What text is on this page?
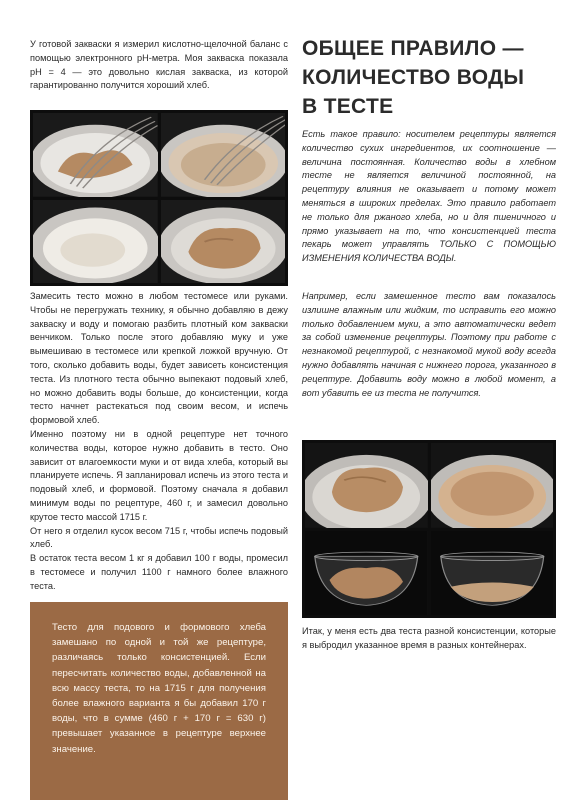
У готовой закваски я измерил кислотно-щелочной баланс с помощью электронного pH-метра. Моя закваска показала pH = 4 — это довольно кислая закваска, из которой гарантированно получится хороший хлеб.

Замесить тесто можно в любом тестомесе или руками. Чтобы не перегружать технику, я обычно добавляю в дежу закваску и воду и помогаю разбить плотный ком закваски венчиком. Только после этого добавляю муку и уже вымешиваю в тестомесе или крепкой ложкой вручную. От того, сколько добавить воды, будет зависеть консистенция теста. Из плотного теста обычно выпекают подовый хлеб, но можно добавить воды больше, до консистенции, когда тесто начнет растекаться под своим весом, и испечь формовой хлеб.

Именно поэтому ни в одной рецептуре нет точного количества воды, которое нужно добавить в тесто. Оно зависит от влагоемкости муки и от вида хлеба, который вы планируете испечь. Я запланировал испечь из этого теста и подовый хлеб, и формовой. Поэтому сначала я добавил минимум воды по рецептуре, 460 г, и замесил довольно крутое тесто массой 1715 г.

От него я отделил кусок весом 715 г, чтобы испечь подовый хлеб.

В остаток теста весом 1 кг я добавил 100 г воды, промесил в тестомесе и получил 1100 г намного более влажного теста.

Тесто для подового и формового хлеба замешано по одной и той же рецептуре, различаясь только консистенцией. Если пересчитать количество воды, добавленной на всю массу теста, то на 1715 г для получения более влажного варианта я бы добавил 170 г воды, что в сумме (460 г + 170 г = 630 г) превышает указанное в рецептуре верхнее значение.

ОБЩЕЕ ПРАВИЛО —
КОЛИЧЕСТВО ВОДЫ
В ТЕСТЕ

Есть такое правило: носителем рецептуры является количество сухих ингредиентов, их соотношение — величина постоянная. Количество воды в хлебном тесте не является величиной постоянной, на рецептуру влияния не оказывает и потому может меняться в широких пределах. Это правило работает не только для ржаного хлеба, но и для пшеничного и прямо указывает на то, что консистенцией теста пекарь может управлять ТОЛЬКО С ПОМОЩЬЮ ИЗМЕНЕНИЯ КОЛИЧЕСТВА ВОДЫ.

Например, если замешенное тесто вам показалось излишне влажным или жидким, то исправить его можно только добавлением муки, а это автоматически ведет за собой изменение рецептуры. Поэтому при работе с незнакомой рецептурой, с незнакомой мукой воду всегда нужно добавлять начиная с нижнего порога, указанного в рецептуре. Добавить воду можно в любой момент, а вот убавить ее из теста не получится.

Итак, у меня есть два теста разной консистенции, которые я выбродил указанное время в разных контейнерах.
